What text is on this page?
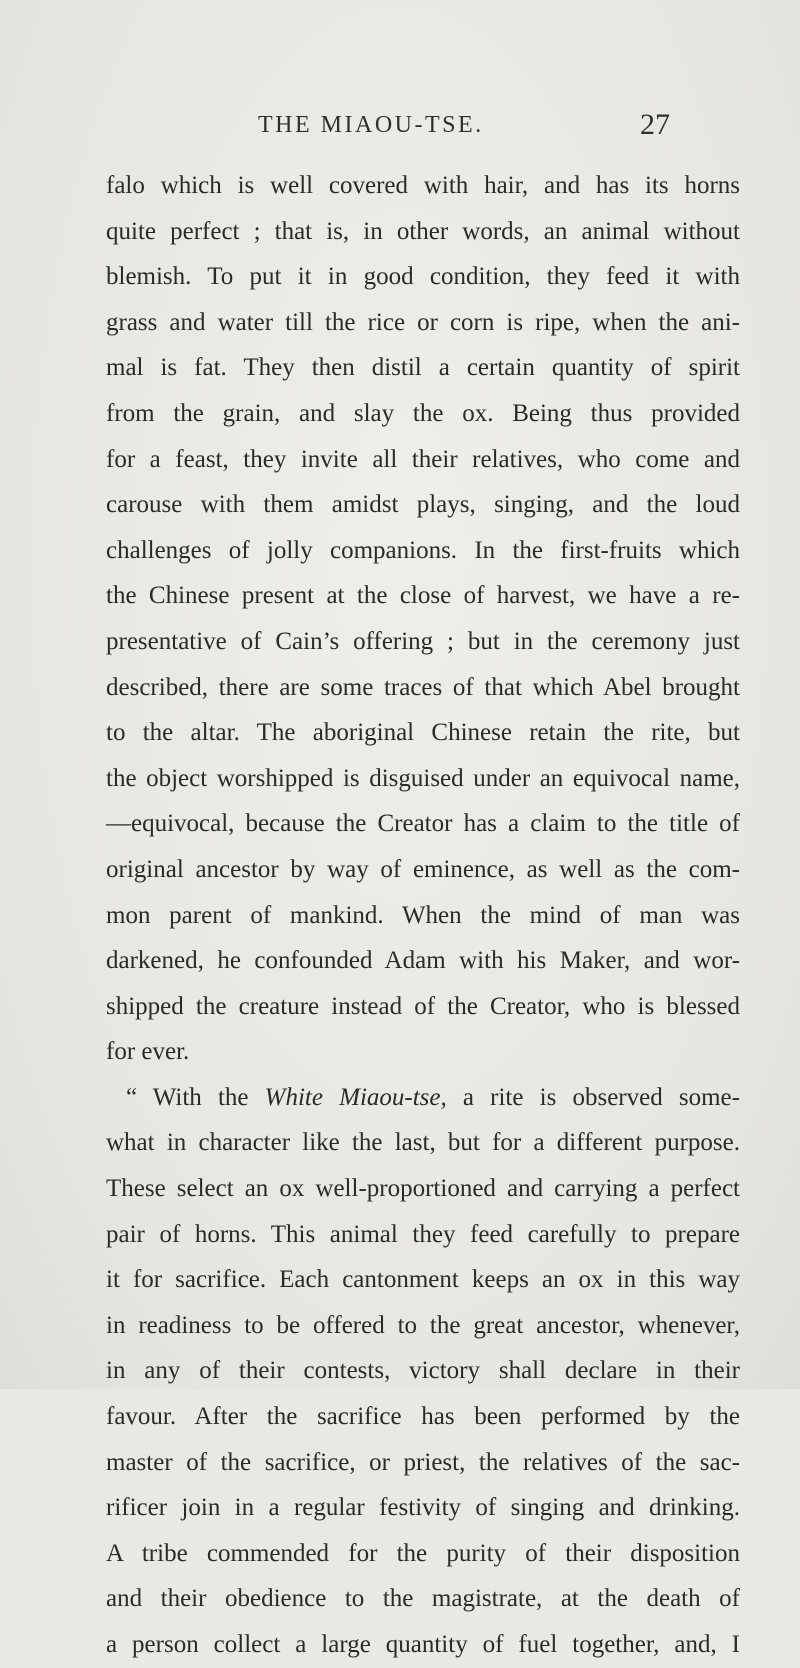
THE MIAOU-TSE.	27
falo which is well covered with hair, and has its horns
quite perfect ; that is, in other words, an animal without
blemish. To put it in good condition, they feed it with
grass and water till the rice or corn is ripe, when the ani-
mal is fat. They then distil a certain quantity of spirit
from the grain, and slay the ox. Being thus provided
for a feast, they invite all their relatives, who come and
carouse with them amidst plays, singing, and the loud
challenges of jolly companions. In the first-fruits which
the Chinese present at the close of harvest, we have a re-
presentative of Cain’s offering ; but in the ceremony just
described, there are some traces of that which Abel brought
to the altar. The aboriginal Chinese retain the rite, but
the object worshipped is disguised under an equivocal name,
—equivocal, because the Creator has a claim to the title of
original ancestor by way of eminence, as well as the com-
mon parent of mankind. When the mind of man was
darkened, he confounded Adam with his Maker, and wor-
shipped the creature instead of the Creator, who is blessed
for ever.
“ With the White Miaou-tse, a rite is observed some-
what in character like the last, but for a different purpose.
These select an ox well-proportioned and carrying a perfect
pair of horns. This animal they feed carefully to prepare
it for sacrifice. Each cantonment keeps an ox in this way
in readiness to be offered to the great ancestor, whenever,
in any of their contests, victory shall declare in their
favour. After the sacrifice has been performed by the
master of the sacrifice, or priest, the relatives of the sac-
rificer join in a regular festivity of singing and drinking.
A tribe commended for the purity of their disposition
and their obedience to the magistrate, at the death of
a person collect a large quantity of fuel together, and, I
